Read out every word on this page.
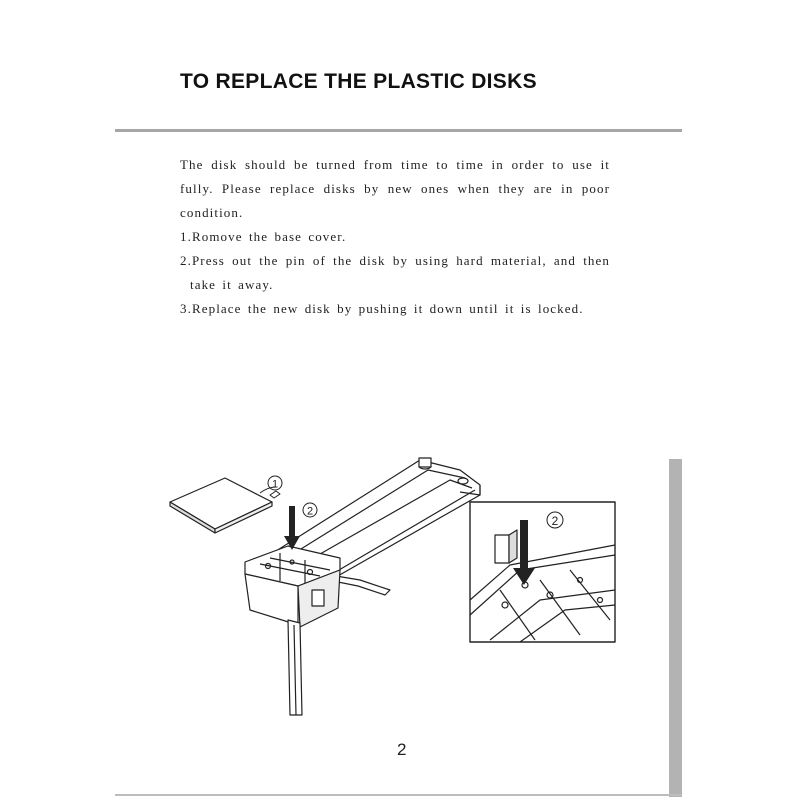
TO REPLACE THE PLASTIC DISKS

The disk should be turned from time to time in order to use it

fully. Please replace disks by new ones when they are in poor

condition.

1.Romove the base cover.

2.Press out the pin of the disk by using hard material, and then

take it away.

3.Replace the new disk by pushing it down until it is locked.

1
2
2
2
